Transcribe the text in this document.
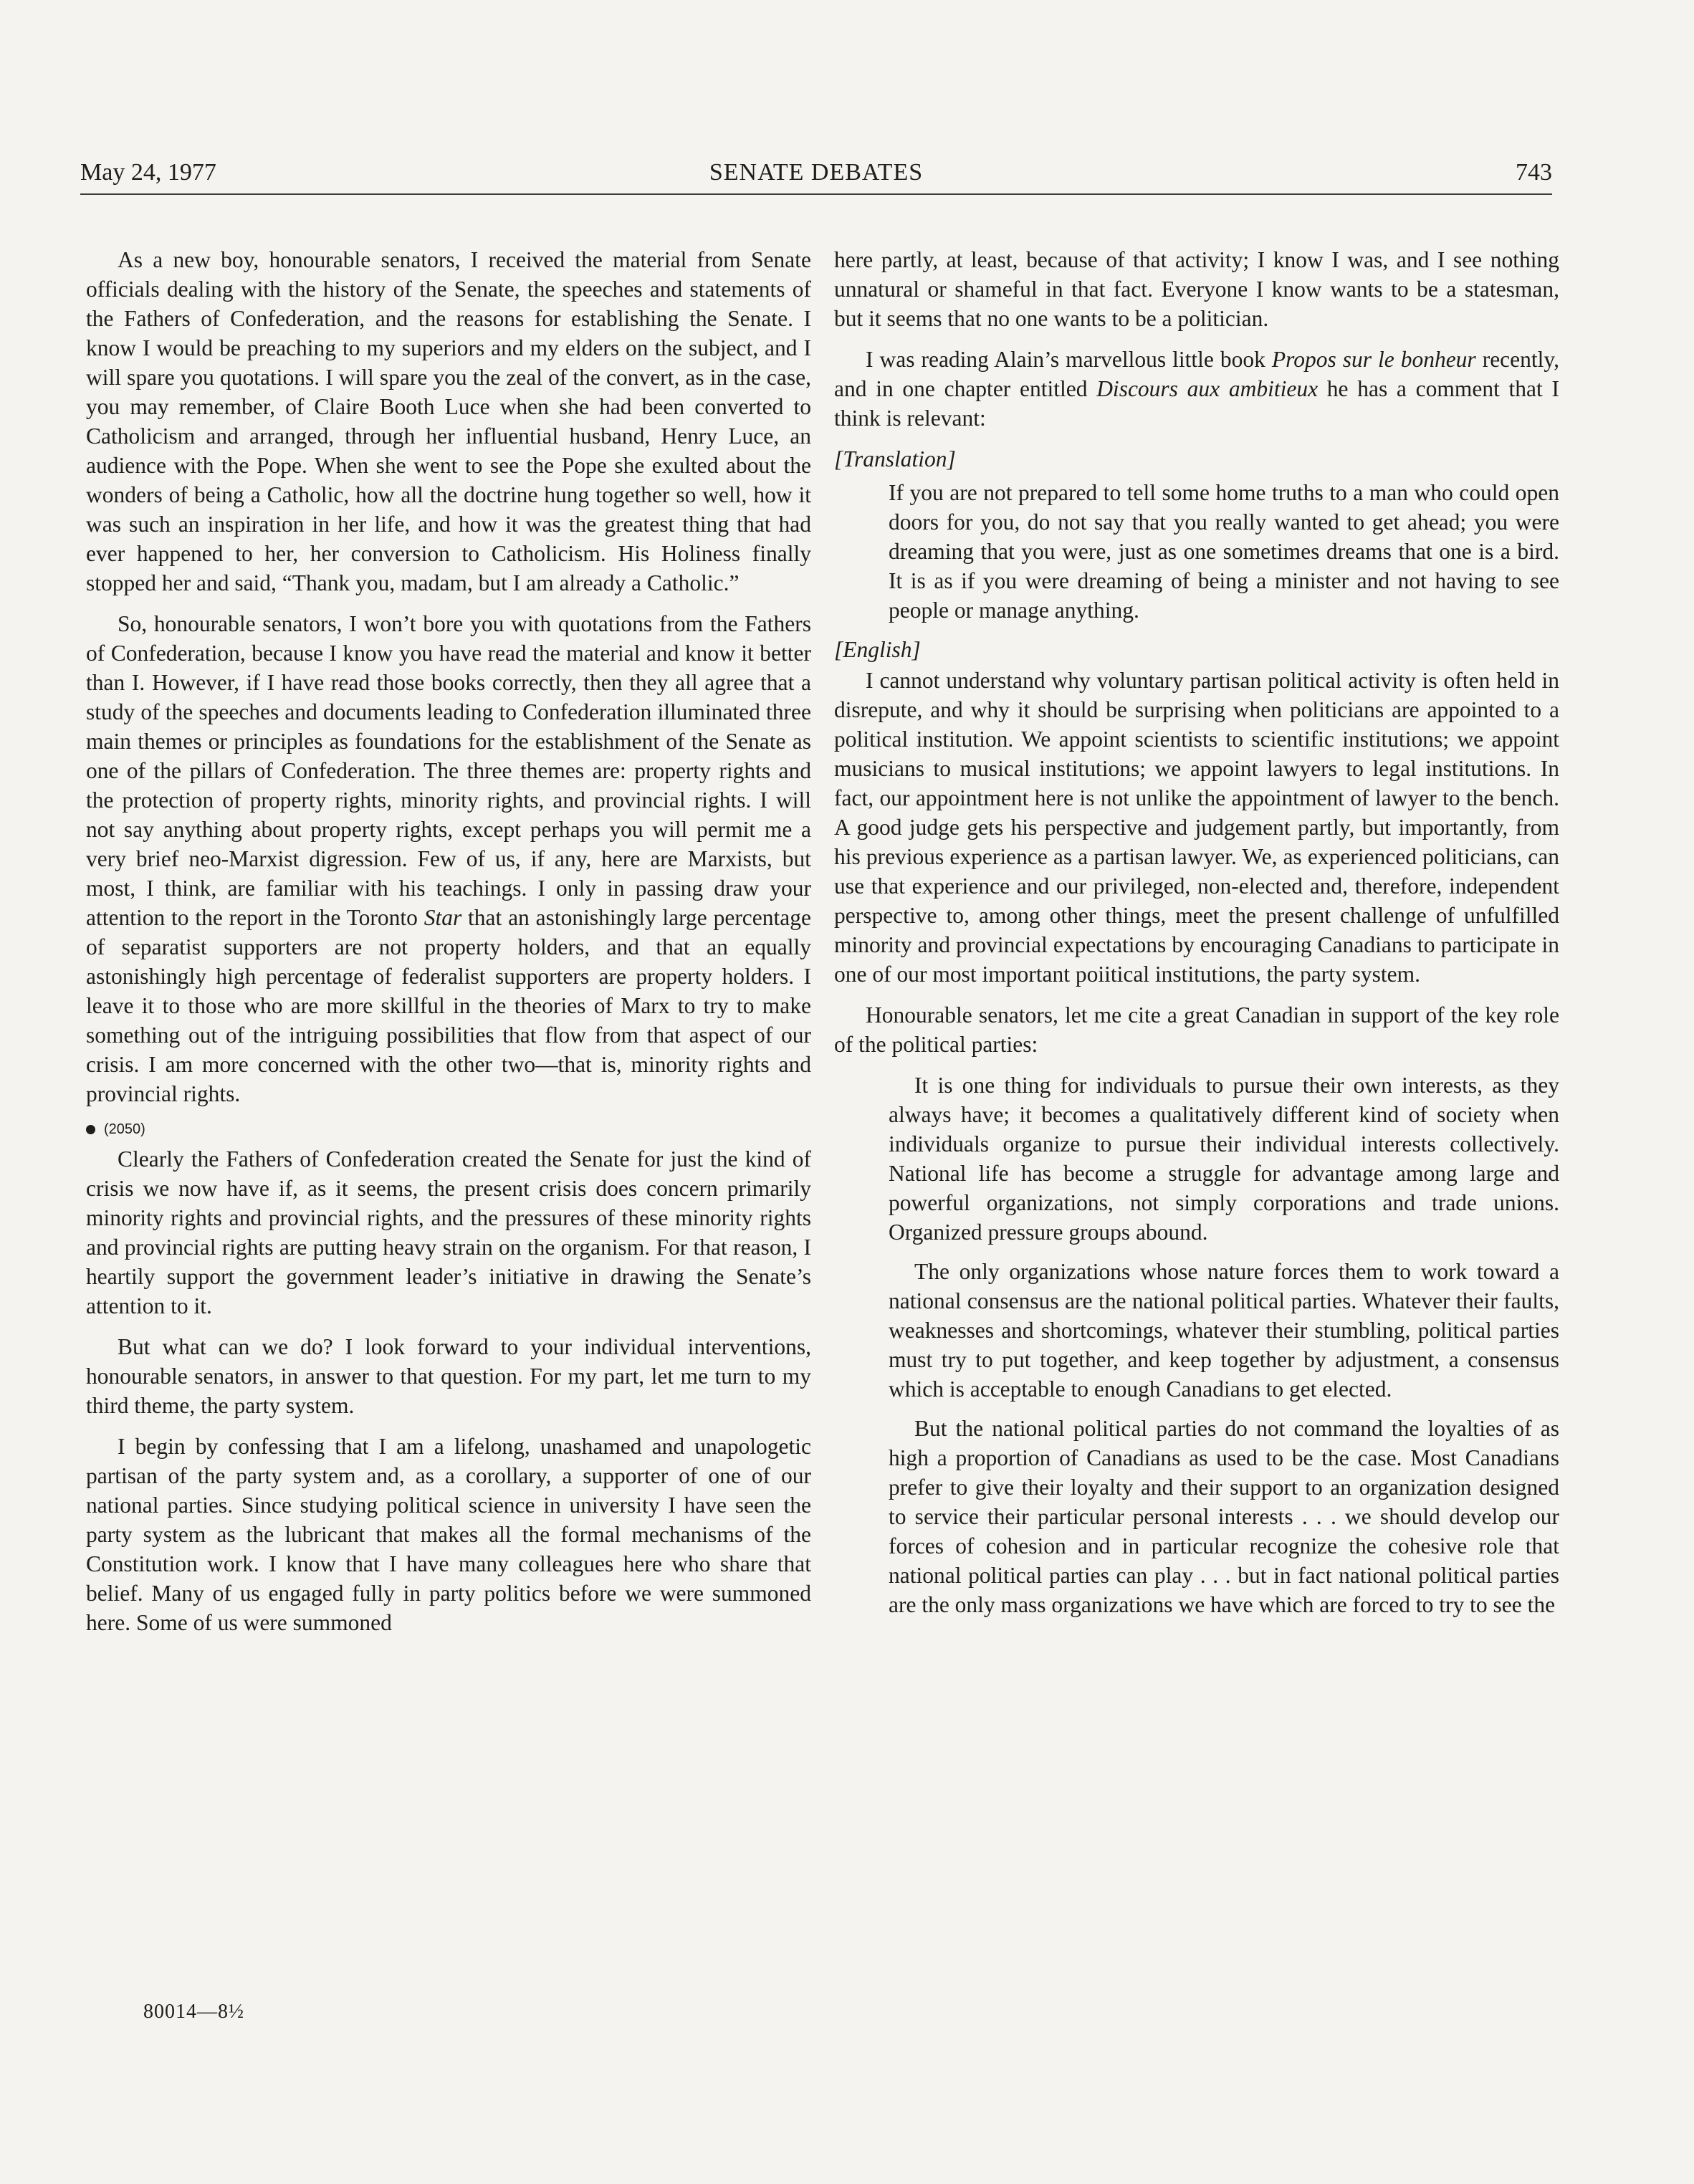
May 24, 1977	SENATE DEBATES	743

As a new boy, honourable senators, I received the material from Senate officials dealing with the history of the Senate, the speeches and statements of the Fathers of Confederation, and the reasons for establishing the Senate. I know I would be preaching to my superiors and my elders on the subject, and I will spare you quotations. I will spare you the zeal of the convert, as in the case, you may remember, of Claire Booth Luce when she had been converted to Catholicism and arranged, through her influential husband, Henry Luce, an audience with the Pope. When she went to see the Pope she exulted about the wonders of being a Catholic, how all the doctrine hung together so well, how it was such an inspiration in her life, and how it was the greatest thing that had ever happened to her, her conversion to Catholicism. His Holiness finally stopped her and said, “Thank you, madam, but I am already a Catholic.”

So, honourable senators, I won’t bore you with quotations from the Fathers of Confederation, because I know you have read the material and know it better than I. However, if I have read those books correctly, then they all agree that a study of the speeches and documents leading to Confederation illuminated three main themes or principles as foundations for the establishment of the Senate as one of the pillars of Confederation. The three themes are: property rights and the protection of property rights, minority rights, and provincial rights. I will not say anything about property rights, except perhaps you will permit me a very brief neo-Marxist digression. Few of us, if any, here are Marxists, but most, I think, are familiar with his teachings. I only in passing draw your attention to the report in the Toronto Star that an astonishingly large percentage of separatist supporters are not property holders, and that an equally astonishingly high percentage of federalist supporters are property holders. I leave it to those who are more skillful in the theories of Marx to try to make something out of the intriguing possibilities that flow from that aspect of our crisis. I am more concerned with the other two—that is, minority rights and provincial rights.

(2050)

Clearly the Fathers of Confederation created the Senate for just the kind of crisis we now have if, as it seems, the present crisis does concern primarily minority rights and provincial rights, and the pressures of these minority rights and provincial rights are putting heavy strain on the organism. For that reason, I heartily support the government leader’s initiative in drawing the Senate’s attention to it.

But what can we do? I look forward to your individual interventions, honourable senators, in answer to that question. For my part, let me turn to my third theme, the party system.

I begin by confessing that I am a lifelong, unashamed and unapologetic partisan of the party system and, as a corollary, a supporter of one of our national parties. Since studying political science in university I have seen the party system as the lubricant that makes all the formal mechanisms of the Constitution work. I know that I have many colleagues here who share that belief. Many of us engaged fully in party politics before we were summoned here. Some of us were summoned

here partly, at least, because of that activity; I know I was, and I see nothing unnatural or shameful in that fact. Everyone I know wants to be a statesman, but it seems that no one wants to be a politician.

I was reading Alain’s marvellous little book Propos sur le bonheur recently, and in one chapter entitled Discours aux ambitieux he has a comment that I think is relevant:

[Translation]

If you are not prepared to tell some home truths to a man who could open doors for you, do not say that you really wanted to get ahead; you were dreaming that you were, just as one sometimes dreams that one is a bird. It is as if you were dreaming of being a minister and not having to see people or manage anything.

[English]

I cannot understand why voluntary partisan political activity is often held in disrepute, and why it should be surprising when politicians are appointed to a political institution. We appoint scientists to scientific institutions; we appoint musicians to musical institutions; we appoint lawyers to legal institutions. In fact, our appointment here is not unlike the appointment of lawyer to the bench. A good judge gets his perspective and judgement partly, but importantly, from his previous experience as a partisan lawyer. We, as experienced politicians, can use that experience and our privileged, non-elected and, therefore, independent perspective to, among other things, meet the present challenge of unfulfilled minority and provincial expectations by encouraging Canadians to participate in one of our most important poiitical institutions, the party system.

Honourable senators, let me cite a great Canadian in support of the key role of the political parties:

It is one thing for individuals to pursue their own interests, as they always have; it becomes a qualitatively different kind of society when individuals organize to pursue their individual interests collectively. National life has become a struggle for advantage among large and powerful organizations, not simply corporations and trade unions. Organized pressure groups abound.

The only organizations whose nature forces them to work toward a national consensus are the national political parties. Whatever their faults, weaknesses and shortcomings, whatever their stumbling, political parties must try to put together, and keep together by adjustment, a consensus which is acceptable to enough Canadians to get elected.

But the national political parties do not command the loyalties of as high a proportion of Canadians as used to be the case. Most Canadians prefer to give their loyalty and their support to an organization designed to service their particular personal interests . . . we should develop our forces of cohesion and in particular recognize the cohesive role that national political parties can play . . . but in fact national political parties are the only mass organizations we have which are forced to try to see the

80014—8½
